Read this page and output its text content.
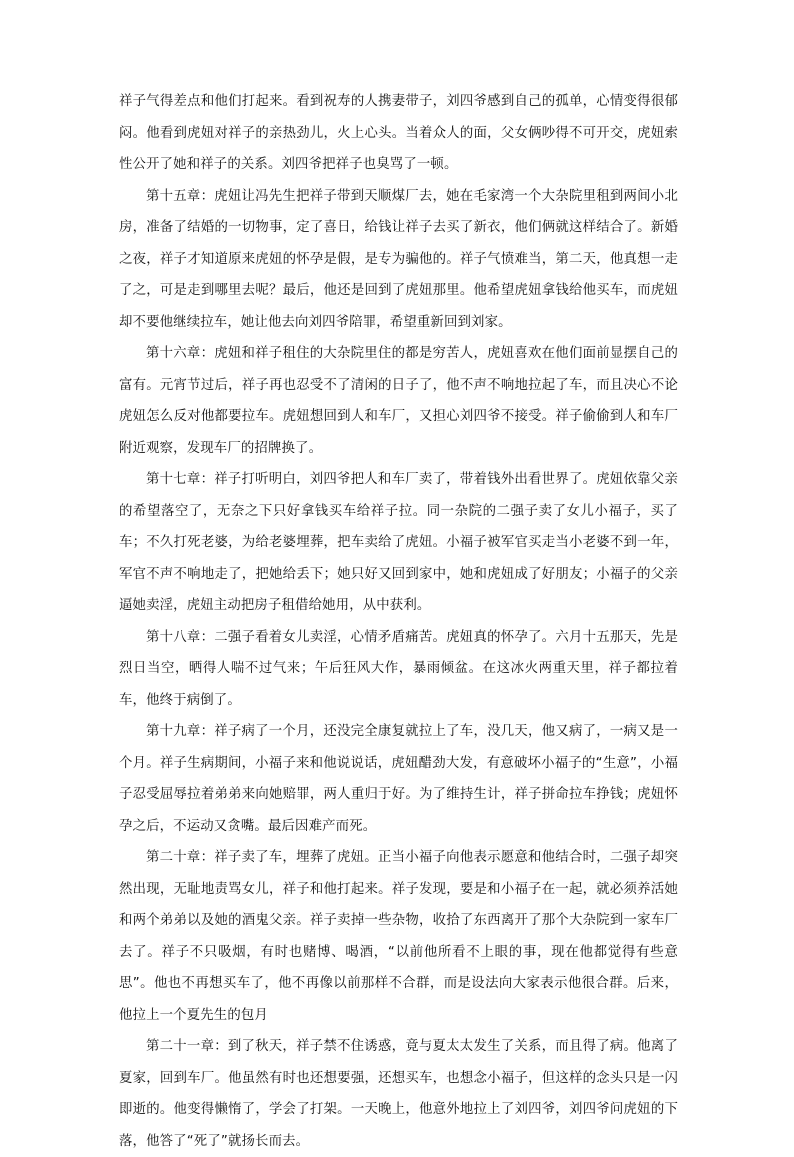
祥子气得差点和他们打起来。看到祝寿的人携妻带子，刘四爷感到自己的孤单，心情变得很郁闷。他看到虎妞对祥子的亲热劲儿，火上心头。当着众人的面，父女俩吵得不可开交，虎妞索性公开了她和祥子的关系。刘四爷把祥子也臭骂了一顿。

第十五章：虎妞让冯先生把祥子带到天顺煤厂去，她在毛家湾一个大杂院里租到两间小北房，准备了结婚的一切物事，定了喜日，给钱让祥子去买了新衣，他们俩就这样结合了。新婚之夜，祥子才知道原来虎妞的怀孕是假，是专为骗他的。祥子气愤难当，第二天，他真想一走了之，可是走到哪里去呢？最后，他还是回到了虎妞那里。他希望虎妞拿钱给他买车，而虎妞却不要他继续拉车，她让他去向刘四爷陪罪，希望重新回到刘家。

第十六章：虎妞和祥子租住的大杂院里住的都是穷苦人，虎妞喜欢在他们面前显摆自己的富有。元宵节过后，祥子再也忍受不了清闲的日子了，他不声不响地拉起了车，而且决心不论虎妞怎么反对他都要拉车。虎妞想回到人和车厂，又担心刘四爷不接受。祥子偷偷到人和车厂附近观察，发现车厂的招牌换了。

第十七章：祥子打听明白，刘四爷把人和车厂卖了，带着钱外出看世界了。虎妞依靠父亲的希望落空了，无奈之下只好拿钱买车给祥子拉。同一杂院的二强子卖了女儿小福子，买了车；不久打死老婆，为给老婆埋葬，把车卖给了虎妞。小福子被军官买走当小老婆不到一年，军官不声不响地走了，把她给丢下；她只好又回到家中，她和虎妞成了好朋友；小福子的父亲逼她卖淫，虎妞主动把房子租借给她用，从中获利。

第十八章：二强子看着女儿卖淫，心情矛盾痛苦。虎妞真的怀孕了。六月十五那天，先是烈日当空，晒得人喘不过气来；午后狂风大作，暴雨倾盆。在这冰火两重天里，祥子都拉着车，他终于病倒了。

第十九章：祥子病了一个月，还没完全康复就拉上了车，没几天，他又病了，一病又是一个月。祥子生病期间，小福子来和他说说话，虎妞醋劲大发，有意破坏小福子的“生意”，小福子忍受屈辱拉着弟弟来向她赔罪，两人重归于好。为了维持生计，祥子拼命拉车挣钱；虎妞怀孕之后，不运动又贪嘴。最后因难产而死。

第二十章：祥子卖了车，埋葬了虎妞。正当小福子向他表示愿意和他结合时，二强子却突然出现，无耻地责骂女儿，祥子和他打起来。祥子发现，要是和小福子在一起，就必须养活她和两个弟弟以及她的酒鬼父亲。祥子卖掉一些杂物，收拾了东西离开了那个大杂院到一家车厂去了。祥子不只吸烟，有时也赌博、喝酒，“以前他所看不上眼的事，现在他都觉得有些意思”。他也不再想买车了，他不再像以前那样不合群，而是设法向大家表示他很合群。后来，他拉上一个夏先生的包月

第二十一章：到了秋天，祥子禁不住诱惑，竟与夏太太发生了关系，而且得了病。他离了夏家，回到车厂。他虽然有时也还想要强，还想买车，也想念小福子，但这样的念头只是一闪即逝的。他变得懒惰了，学会了打架。一天晚上，他意外地拉上了刘四爷，刘四爷问虎妞的下落，他答了“死了”就扬长而去。
